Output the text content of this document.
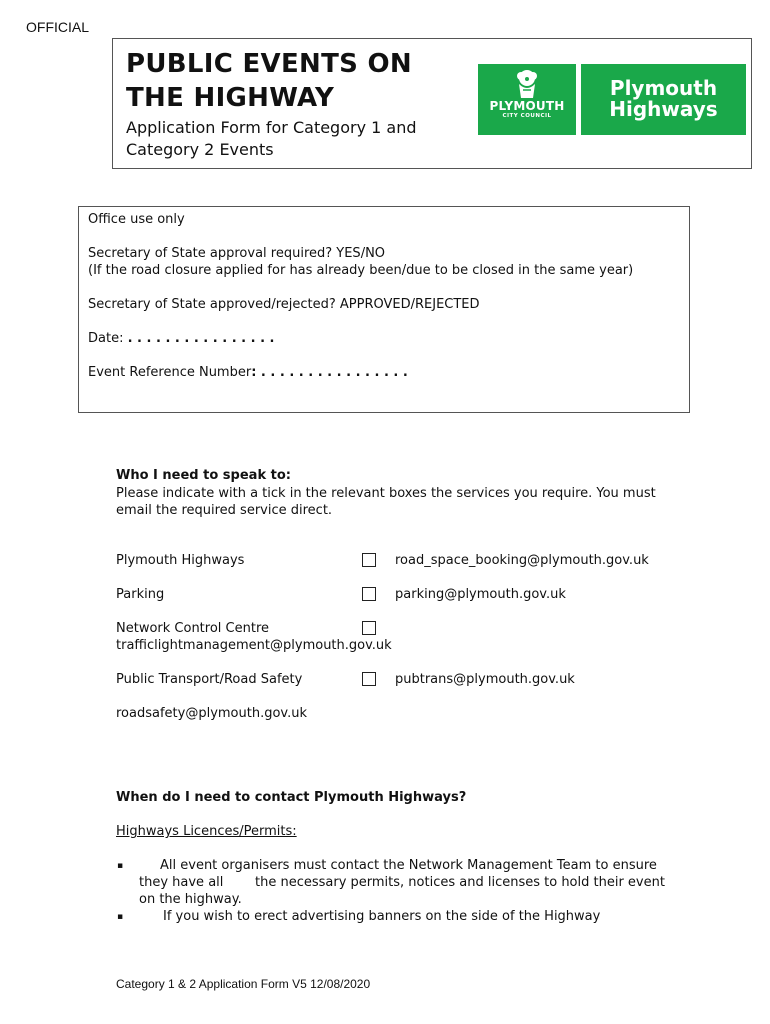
OFFICIAL
PUBLIC EVENTS ON
THE HIGHWAY
Application Form for Category 1 and
Category 2 Events
PLYMOUTH
CITY COUNCIL
Plymouth
Highways
Office use only
Secretary of State approval required? YES/NO
(If the road closure applied for has already been/due to be closed in the same year)
Secretary of State approved/rejected? APPROVED/REJECTED
Date: . . . . . . . . . . . . . . . .
Event Reference Number: . . . . . . . . . . . . . . . .
Who I need to speak to:
Please indicate with a tick in the relevant boxes the services you require. You must
email the required service direct.
Plymouth Highways	road_space_booking@plymouth.gov.uk
Parking	parking@plymouth.gov.uk
Network Control Centre
trafficlightmanagement@plymouth.gov.uk
Public Transport/Road Safety	pubtrans@plymouth.gov.uk
roadsafety@plymouth.gov.uk
When do I need to contact Plymouth Highways?
Highways Licences/Permits:
▪	All event organisers must contact the Network Management Team to ensure
they have all the necessary permits, notices and licenses to hold their event
on the highway.
▪	If you wish to erect advertising banners on the side of the Highway
Category 1 & 2 Application Form V5 12/08/2020
